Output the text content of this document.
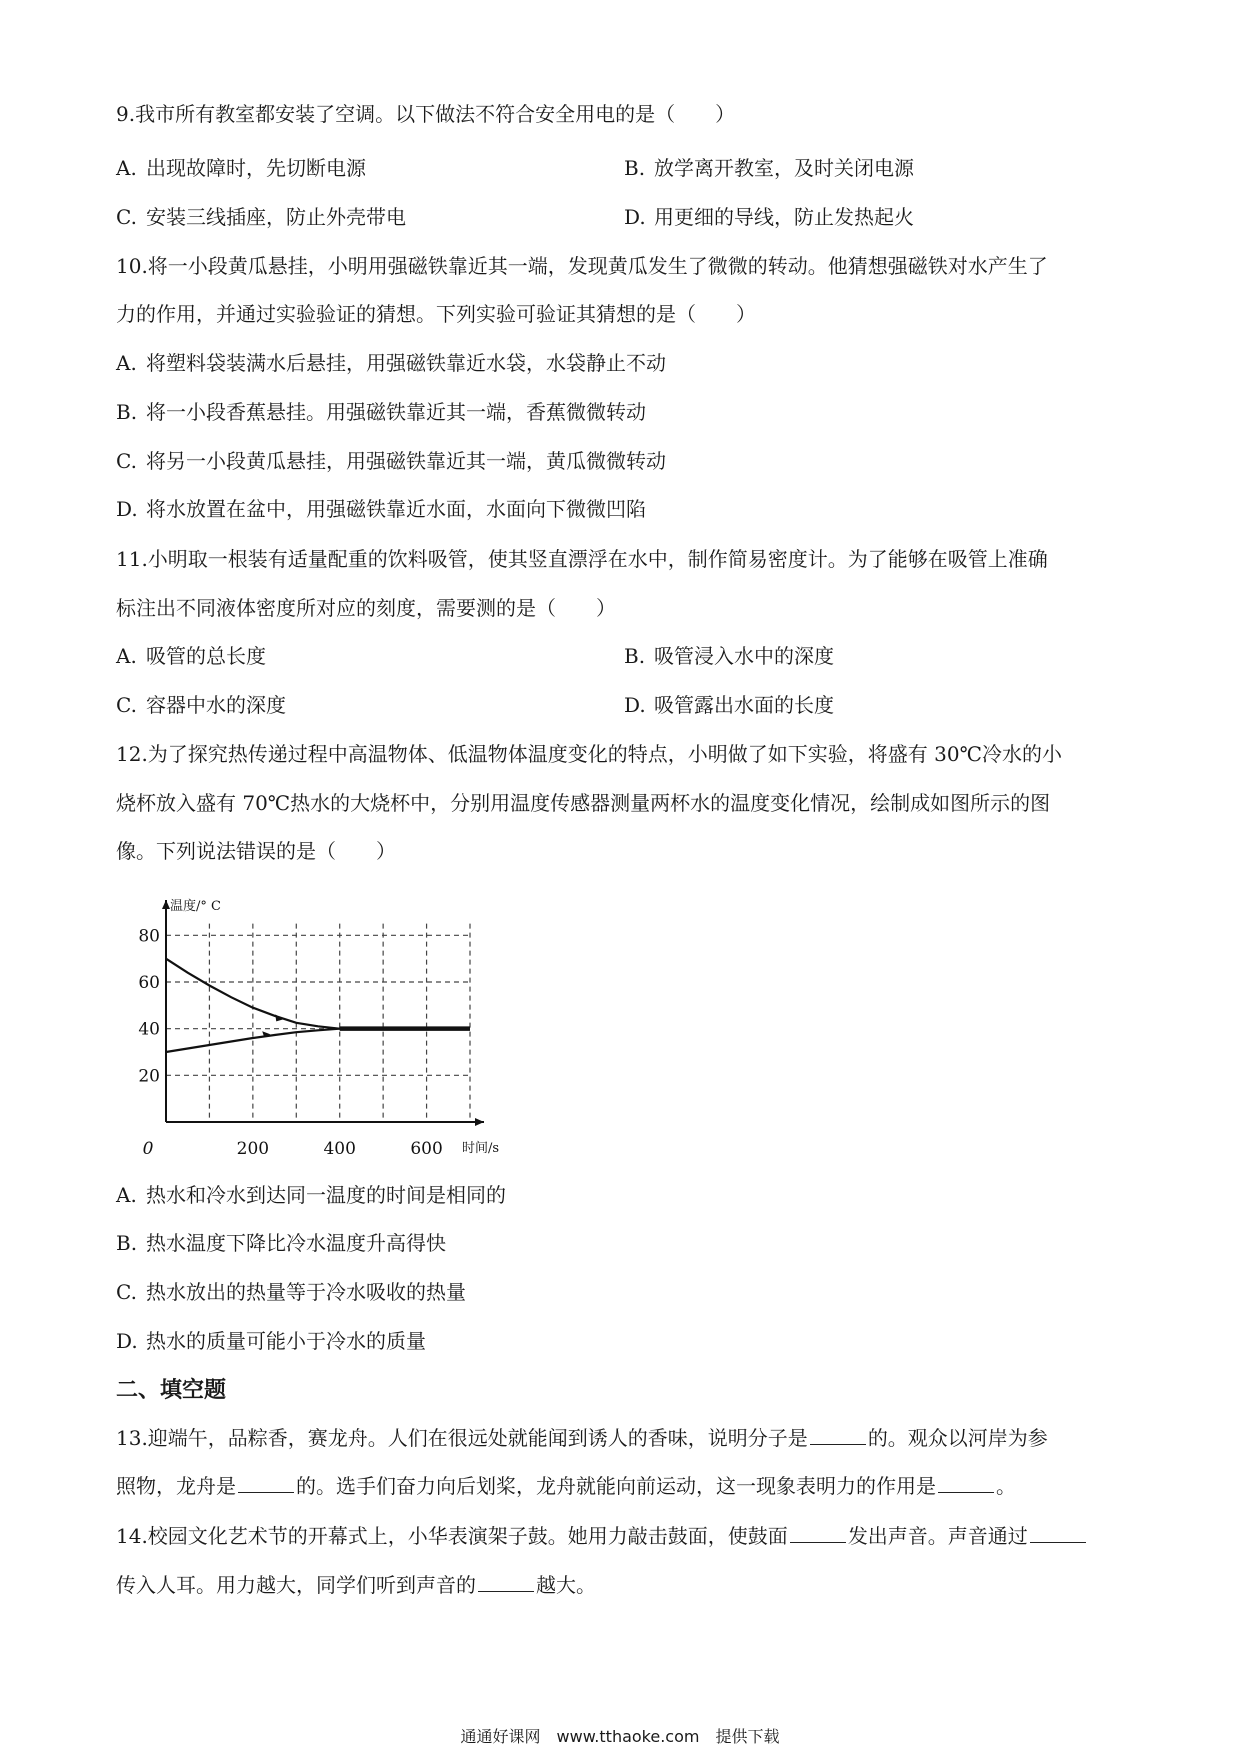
9.我市所有教室都安装了空调。以下做法不符合安全用电的是（　　）
A. 出现故障时，先切断电源	B. 放学离开教室，及时关闭电源
C. 安装三线插座，防止外壳带电	D. 用更细的导线，防止发热起火
10.将一小段黄瓜悬挂，小明用强磁铁靠近其一端，发现黄瓜发生了微微的转动。他猜想强磁铁对水产生了
力的作用，并通过实验验证的猜想。下列实验可验证其猜想的是（　　）
A. 将塑料袋装满水后悬挂，用强磁铁靠近水袋，水袋静止不动
B. 将一小段香蕉悬挂。用强磁铁靠近其一端，香蕉微微转动
C. 将另一小段黄瓜悬挂，用强磁铁靠近其一端，黄瓜微微转动
D. 将水放置在盆中，用强磁铁靠近水面，水面向下微微凹陷
11.小明取一根装有适量配重的饮料吸管，使其竖直漂浮在水中，制作简易密度计。为了能够在吸管上准确
标注出不同液体密度所对应的刻度，需要测的是（　　）
A. 吸管的总长度	B. 吸管浸入水中的深度
C. 容器中水的深度	D. 吸管露出水面的长度
12.为了探究热传递过程中高温物体、低温物体温度变化的特点，小明做了如下实验，将盛有 30℃冷水的小
烧杯放入盛有 70℃热水的大烧杯中，分别用温度传感器测量两杯水的温度变化情况，绘制成如图所示的图
像。下列说法错误的是（　　）
80
60
40
20
0	200	400	600
温度/° C
时间/s
A. 热水和冷水到达同一温度的时间是相同的
B. 热水温度下降比冷水温度升高得快
C. 热水放出的热量等于冷水吸收的热量
D. 热水的质量可能小于冷水的质量
二、填空题
13.迎端午，品粽香，赛龙舟。人们在很远处就能闻到诱人的香味，说明分子是	的。观众以河岸为参
照物，龙舟是	的。选手们奋力向后划桨，龙舟就能向前运动，这一现象表明力的作用是	。
14.校园文化艺术节的开幕式上，小华表演架子鼓。她用力敲击鼓面，使鼓面	发出声音。声音通过
传入人耳。用力越大，同学们听到声音的	越大。
通通好课网　www.tthaoke.com　提供下载
